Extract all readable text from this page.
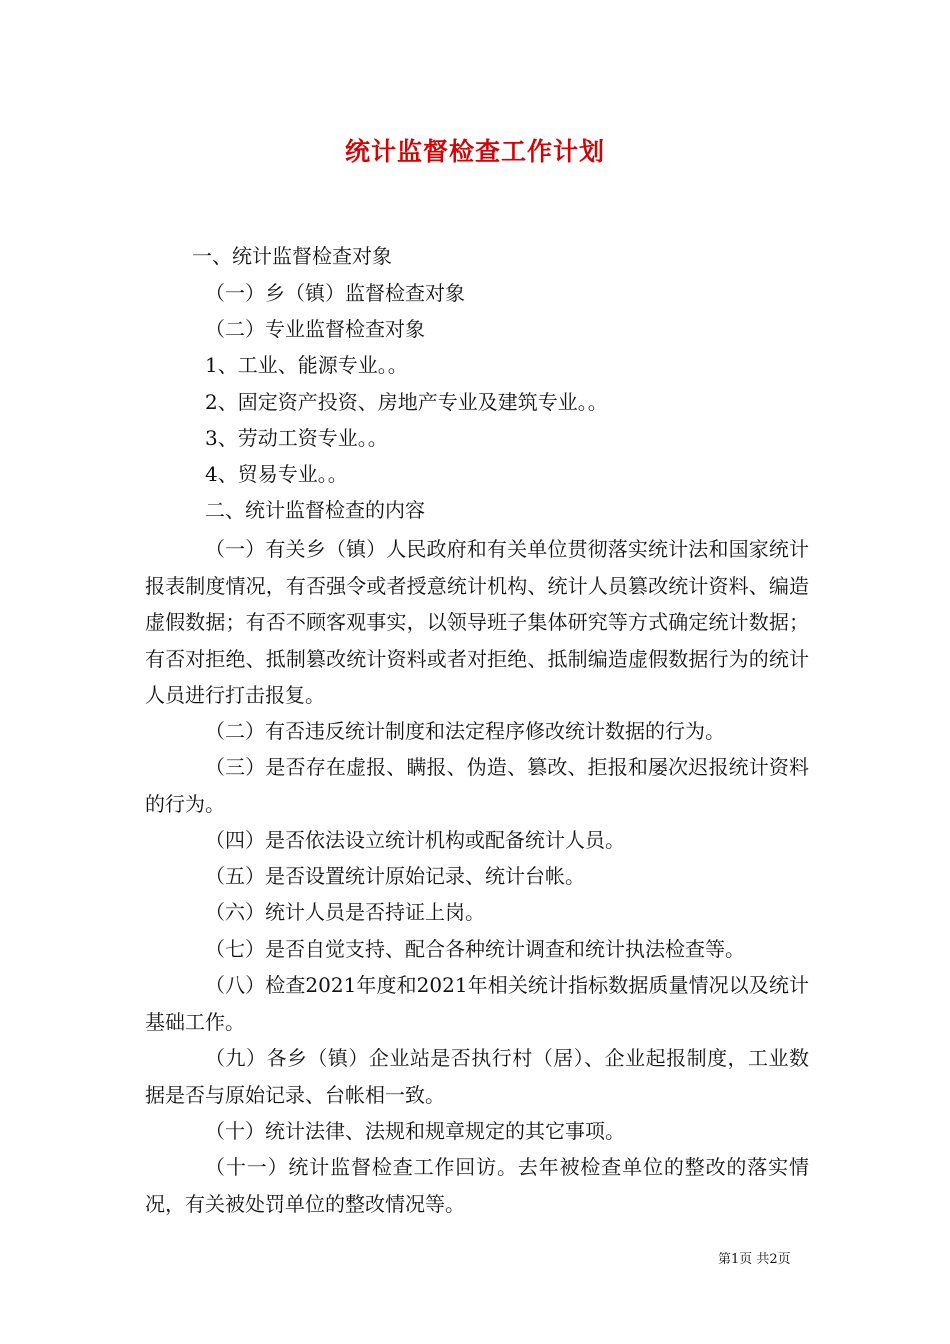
统计监督检查工作计划
一、统计监督检查对象
（一）乡（镇）监督检查对象
（二）专业监督检查对象
1、工业、能源专业。。
2、固定资产投资、房地产专业及建筑专业。。
3、劳动工资专业。。
4、贸易专业。。
二、统计监督检查的内容
（一）有关乡（镇）人民政府和有关单位贯彻落实统计法和国家统计报表制度情况，有否强令或者授意统计机构、统计人员篡改统计资料、编造虚假数据；有否不顾客观事实，以领导班子集体研究等方式确定统计数据；有否对拒绝、抵制篡改统计资料或者对拒绝、抵制编造虚假数据行为的统计人员进行打击报复。
（二）有否违反统计制度和法定程序修改统计数据的行为。
（三）是否存在虚报、瞒报、伪造、篡改、拒报和屡次迟报统计资料的行为。
（四）是否依法设立统计机构或配备统计人员。
（五）是否设置统计原始记录、统计台帐。
（六）统计人员是否持证上岗。
（七）是否自觉支持、配合各种统计调查和统计执法检查等。
（八）检查2021年度和2021年相关统计指标数据质量情况以及统计基础工作。
（九）各乡（镇）企业站是否执行村（居）、企业起报制度，工业数据是否与原始记录、台帐相一致。
（十）统计法律、法规和规章规定的其它事项。
（十一）统计监督检查工作回访。去年被检查单位的整改的落实情况，有关被处罚单位的整改情况等。
第1页 共2页
